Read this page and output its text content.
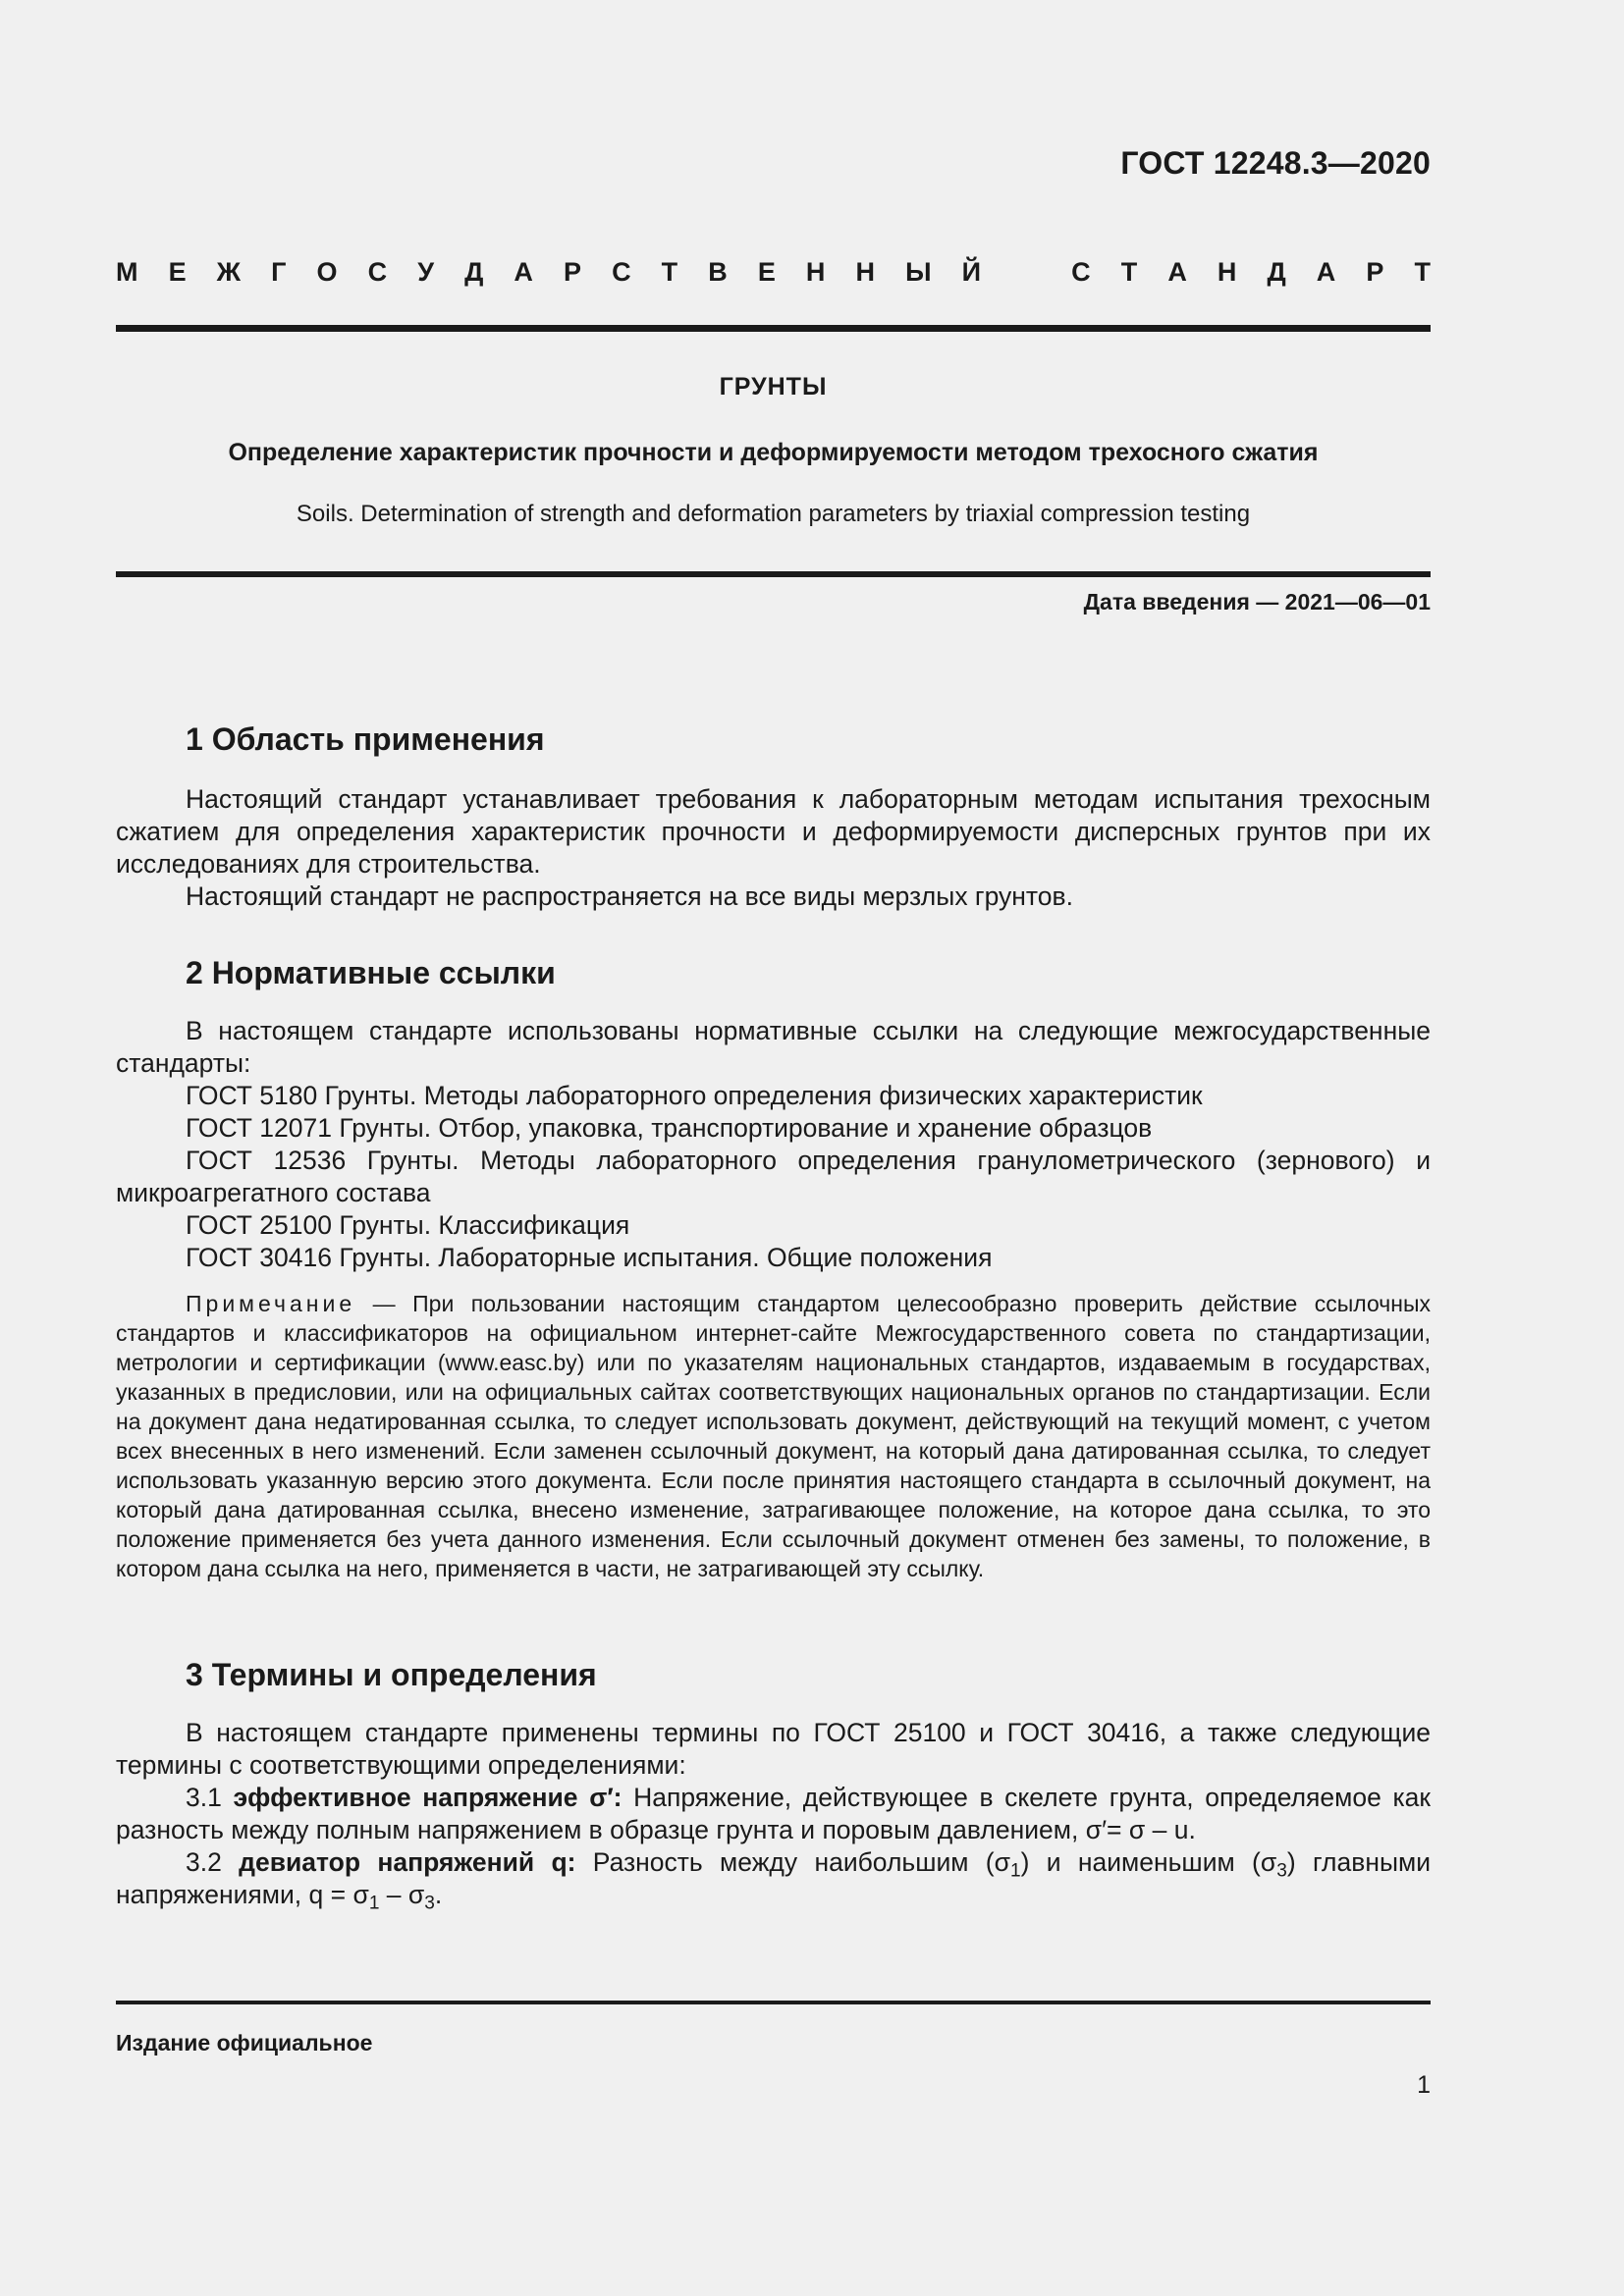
ГОСТ 12248.3—2020
М Е Ж Г О С У Д А Р С Т В Е Н Н Ы Й	С Т А Н Д А Р Т
ГРУНТЫ
Определение характеристик прочности и деформируемости методом трехосного сжатия
Soils. Determination of strength and deformation parameters by triaxial compression testing
Дата введения — 2021—06—01
1 Область применения
Настоящий стандарт устанавливает требования к лабораторным методам испытания трехосным сжатием для определения характеристик прочности и деформируемости дисперсных грунтов при их исследованиях для строительства.
Настоящий стандарт не распространяется на все виды мерзлых грунтов.
2 Нормативные ссылки
В настоящем стандарте использованы нормативные ссылки на следующие межгосударственные стандарты:
ГОСТ 5180 Грунты. Методы лабораторного определения физических характеристик
ГОСТ 12071 Грунты. Отбор, упаковка, транспортирование и хранение образцов
ГОСТ 12536 Грунты. Методы лабораторного определения гранулометрического (зернового) и микроагрегатного состава
ГОСТ 25100 Грунты. Классификация
ГОСТ 30416 Грунты. Лабораторные испытания. Общие положения
Примечание — При пользовании настоящим стандартом целесообразно проверить действие ссылочных стандартов и классификаторов на официальном интернет-сайте Межгосударственного совета по стандартизации, метрологии и сертификации (www.easc.by) или по указателям национальных стандартов, издаваемым в государствах, указанных в предисловии, или на официальных сайтах соответствующих национальных органов по стандартизации. Если на документ дана недатированная ссылка, то следует использовать документ, действующий на текущий момент, с учетом всех внесенных в него изменений. Если заменен ссылочный документ, на который дана датированная ссылка, то следует использовать указанную версию этого документа. Если после принятия настоящего стандарта в ссылочный документ, на который дана датированная ссылка, внесено изменение, затрагивающее положение, на которое дана ссылка, то это положение применяется без учета данного изменения. Если ссылочный документ отменен без замены, то положение, в котором дана ссылка на него, применяется в части, не затрагивающей эту ссылку.
3 Термины и определения
В настоящем стандарте применены термины по ГОСТ 25100 и ГОСТ 30416, а также следующие термины с соответствующими определениями:
3.1 эффективное напряжение σ′: Напряжение, действующее в скелете грунта, определяемое как разность между полным напряжением в образце грунта и поровым давлением, σ′= σ – u.
3.2 девиатор напряжений q: Разность между наибольшим $(\sigma_1)$ и наименьшим $(\sigma_3)$ главными напряжениями, $q = \sigma_1 - \sigma_3$.
Издание официальное
1
